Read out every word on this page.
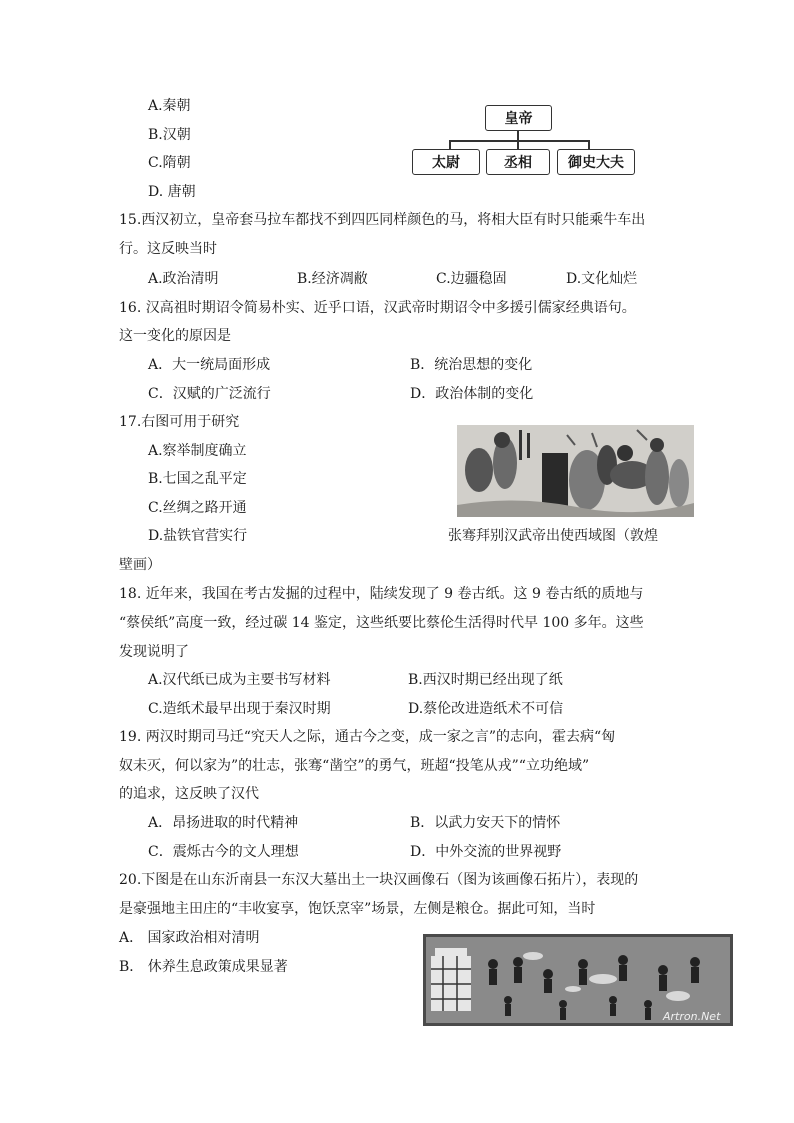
A.秦朝
B.汉朝
C.隋朝
D. 唐朝
皇帝
太尉	丞相	御史大夫
15.西汉初立，皇帝套马拉车都找不到四匹同样颜色的马，将相大臣有时只能乘牛车出
行。这反映当时
A.政治清明	B.经济凋敝	C.边疆稳固	D.文化灿烂
16. 汉高祖时期诏令简易朴实、近乎口语，汉武帝时期诏令中多援引儒家经典语句。
这一变化的原因是
A．大一统局面形成	B．统治思想的变化
C．汉赋的广泛流行	D．政治体制的变化
17.右图可用于研究
A.察举制度确立
B.七国之乱平定
C.丝绸之路开通
D.盐铁官营实行	张骞拜别汉武帝出使西域图（敦煌
壁画）
18. 近年来，我国在考古发掘的过程中，陆续发现了 9 卷古纸。这 9 卷古纸的质地与
“蔡侯纸”高度一致，经过碳 14 鉴定，这些纸要比蔡伦生活得时代早 100 多年。这些
发现说明了
A.汉代纸已成为主要书写材料	B.西汉时期已经出现了纸
C.造纸术最早出现于秦汉时期	D.蔡伦改进造纸术不可信
19. 两汉时期司马迁“究天人之际，通古今之变，成一家之言”的志向，霍去病“匈
奴未灭，何以家为”的壮志，张骞“凿空”的勇气，班超“投笔从戎”“立功绝域”
的追求，这反映了汉代
A．昂扬进取的时代精神	B．以武力安天下的情怀
C．震烁古今的文人理想	D．中外交流的世界视野
20.下图是在山东沂南县一东汉大墓出土一块汉画像石（图为该画像石拓片），表现的
是豪强地主田庄的“丰收宴享，饱饫烹宰”场景，左侧是粮仓。据此可知，当时
A． 国家政治相对清明
B． 休养生息政策成果显著
Artron.Net
